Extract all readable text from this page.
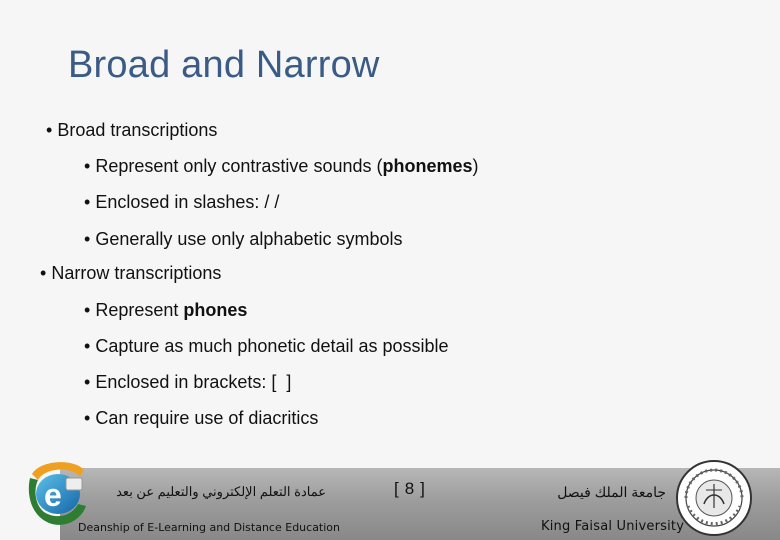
Broad and Narrow
• Broad transcriptions
• Represent only contrastive sounds (phonemes)
• Enclosed in slashes: / /
• Generally use only alphabetic symbols
• Narrow transcriptions
• Represent phones
• Capture as much phonetic detail as possible
• Enclosed in brackets: [  ]
• Can require use of diacritics
e	عمادة التعلم الإلكتروني والتعليم عن بعد
Deanship of E-Learning and Distance Education
[8]	جامعة الملك فيصل
King Faisal University
